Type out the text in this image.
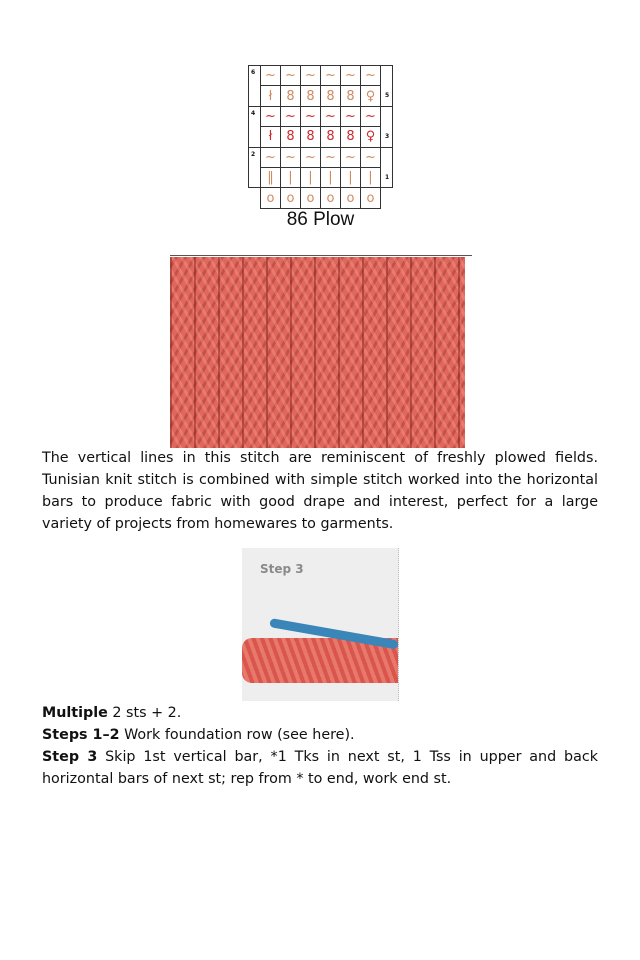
~ ~ ~ ~ ~ ~
ł	8 8 8 8 ♀
~ ~ ~ ~ ~ ~
ł	8 8 8 8 ♀
~ ~ ~ ~ ~ ~
‖	|	|	|	|	|
o o o o o o
6
5
4
3
2
1
86 Plow
The vertical lines in this stitch are reminiscent of freshly plowed fields. Tunisian knit stitch is combined with simple stitch worked into the horizontal bars to produce fabric with good drape and interest, perfect for a large variety of projects from homewares to garments.
Step 3
Multiple 2 sts + 2.
Steps 1–2 Work foundation row (see here).
Step 3 Skip 1st vertical bar, *1 Tks in next st, 1 Tss in upper and back horizontal bars of next st; rep from * to end, work end st.
